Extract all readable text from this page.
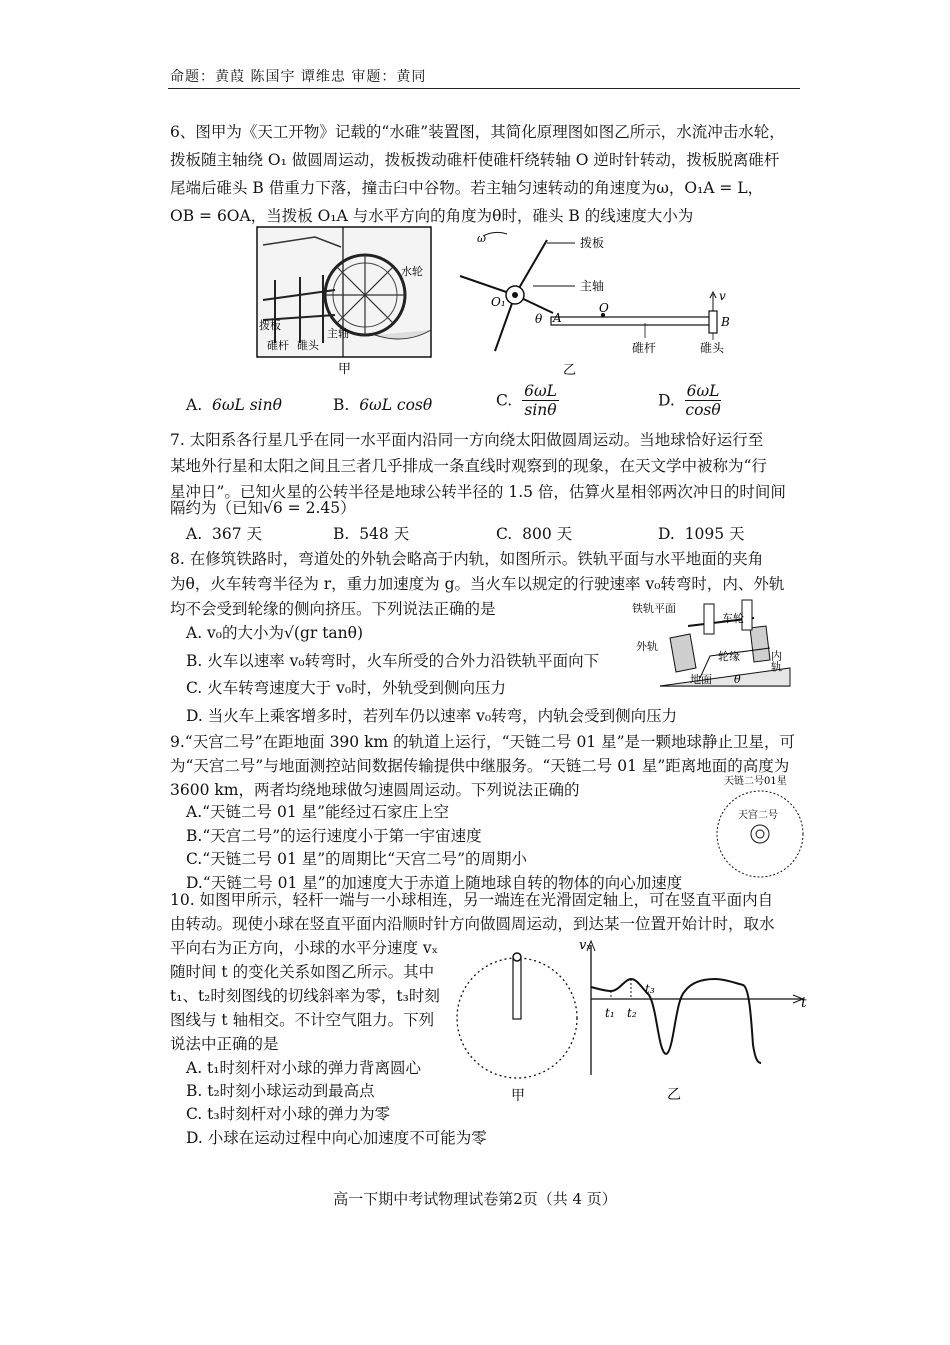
命题：黄葭 陈国宇 谭维忠 审题：黄同
6、图甲为《天工开物》记载的“水碓”装置图，其简化原理图如图乙所示，水流冲击水轮，
拨板随主轴绕 O₁ 做圆周运动，拨板拨动碓杆使碓杆绕转轴 O 逆时针转动，拨板脱离碓杆
尾端后碓头 B 借重力下落，撞击臼中谷物。若主轴匀速转动的角速度为ω，O₁A = L，
OB = 6OA，当拨板 O₁A 与水平方向的角度为θ时，碓头 B 的线速度大小为
水轮
拨板
碓杆 碓头
主轴
甲
拨板
主轴
碓杆	碓头
O₁	O
A	B
θ
v
ω
乙
A. 6ωL sinθ	B. 6ωL cosθ	C. $\frac{6\omega L}{\sin\theta}$	D. $\frac{6\omega L}{\cos\theta}$
7. 太阳系各行星几乎在同一水平面内沿同一方向绕太阳做圆周运动。当地球恰好运行至
某地外行星和太阳之间且三者几乎排成一条直线时观察到的现象，在天文学中被称为“行
星冲日”。已知火星的公转半径是地球公转半径的 1.5 倍，估算火星相邻两次冲日的时间间
隔约为（已知√6 = 2.45）
A. 367 天	B. 548 天	C. 800 天	D. 1095 天
8. 在修筑铁路时，弯道处的外轨会略高于内轨，如图所示。铁轨平面与水平地面的夹角
为θ，火车转弯半径为 r，重力加速度为 g。当火车以规定的行驶速率 v₀转弯时，内、外轨
均不会受到轮缘的侧向挤压。下列说法正确的是
A. v₀的大小为√(gr tanθ)
B. 火车以速率 v₀转弯时，火车所受的合外力沿铁轨平面向下
C. 火车转弯速度大于 v₀时，外轨受到侧向压力
D. 当火车上乘客增多时，若列车仍以速率 v₀转弯，内轨会受到侧向压力
铁轨平面
车轮
外轨
轮缘	内轨
地面 θ
9.“天宫二号”在距地面 390 km 的轨道上运行，“天链二号 01 星”是一颗地球静止卫星，可
为“天宫二号”与地面测控站间数据传输提供中继服务。“天链二号 01 星”距离地面的高度为
3600 km，两者均绕地球做匀速圆周运动。下列说法正确的
A.“天链二号 01 星”能经过石家庄上空
B.“天宫二号”的运行速度小于第一宇宙速度
C.“天链二号 01 星”的周期比“天宫二号”的周期小
D.“天链二号 01 星”的加速度大于赤道上随地球自转的物体的向心加速度
天链二号01星
天宫二号
10. 如图甲所示，轻杆一端与一小球相连，另一端连在光滑固定轴上，可在竖直平面内自
由转动。现使小球在竖直平面内沿顺时针方向做圆周运动，到达某一位置开始计时，取水
平向右为正方向，小球的水平分速度 vₓ
随时间 t 的变化关系如图乙所示。其中
t₁、t₂时刻图线的切线斜率为零，t₃时刻
图线与 t 轴相交。不计空气阻力。下列
说法中正确的是
A. t₁时刻杆对小球的弹力背离圆心
B. t₂时刻小球运动到最高点
C. t₃时刻杆对小球的弹力为零
D. 小球在运动过程中向心加速度不可能为零
甲
vₓ
t
t₁ t₂
t₃
乙
高一下期中考试物理试卷第2页（共 4 页）
